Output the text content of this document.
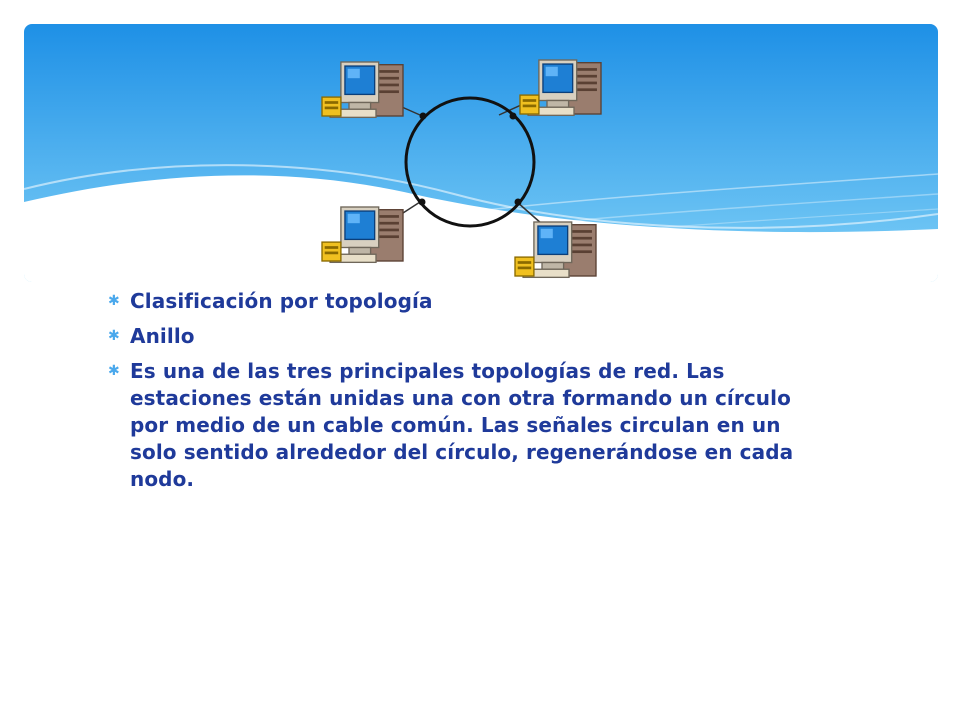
✱ Clasificación por topología
✱ Anillo
✱ Es una de las tres principales topologías de red. Las estaciones están unidas una con otra formando un círculo por medio de un cable común. Las señales circulan en un solo sentido alrededor del círculo, regenerándose en cada nodo.
